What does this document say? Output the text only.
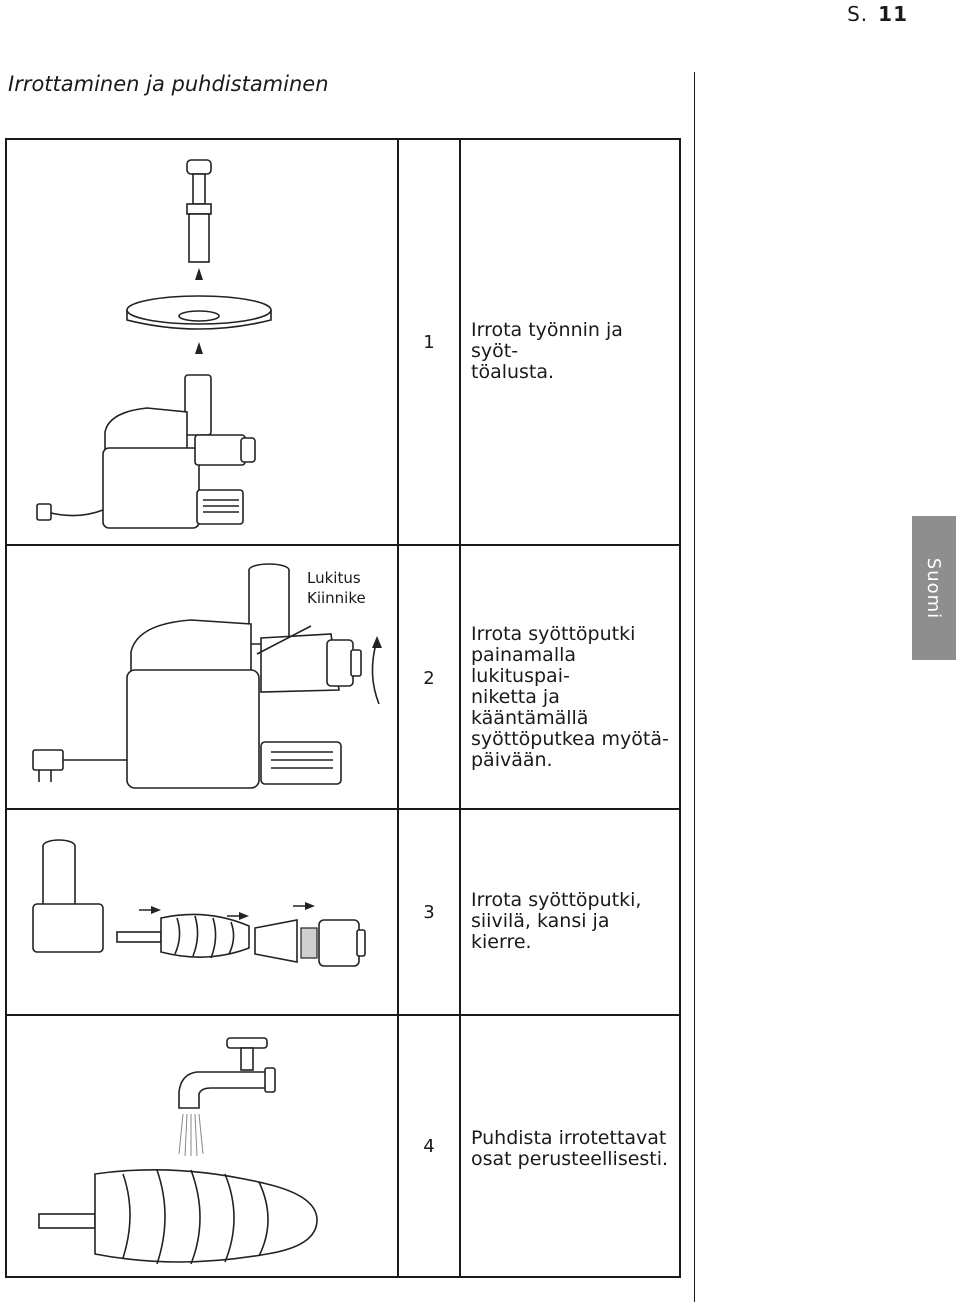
S. 11
Irrottaminen ja puhdistaminen
Suomi
1
Irrota työnnin ja syöt-
töalusta.
Lukitus
Kiinnike
2
Irrota syöttöputki
painamalla lukituspai-
niketta ja kääntämällä
syöttöputkea myötä-
päivään.
3
Irrota syöttöputki,
siivilä, kansi ja kierre.
4	Puhdista irrotettavat
osat perusteellisesti.
